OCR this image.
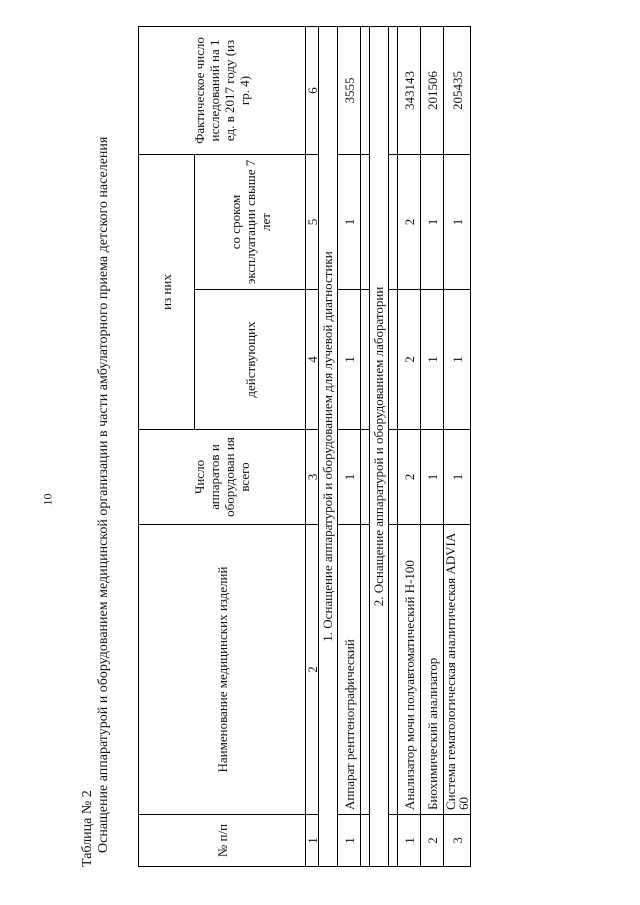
10
Таблица № 2 Оснащение аппаратурой и оборудованием медицинской организации в части амбулаторного приема детского населения	№ п/п	Наименование медицинских изделий	Число аппаратов и оборудован ия всего	из них		Фактическое число исследований на 1 ед. в 2017 году (из гр. 4)
			действующих	со сроком эксплуатации свыше 7 лет	
1	2	3	4	5	6
1. Оснащение аппаратурой и оборудованием для лучевой диагностики					
1	Аппарат рентгенографический	1	1	1	3555

2. Оснащение аппаратурой и оборудованием лаборатории					

1	Анализатор мочи полуавтоматический Н-100	2	2	2	343143
2	Биохимический анализатор	1	1	1	201506
3	Система гематологическая аналитическая ADVIA 60	1	1	1	205435
